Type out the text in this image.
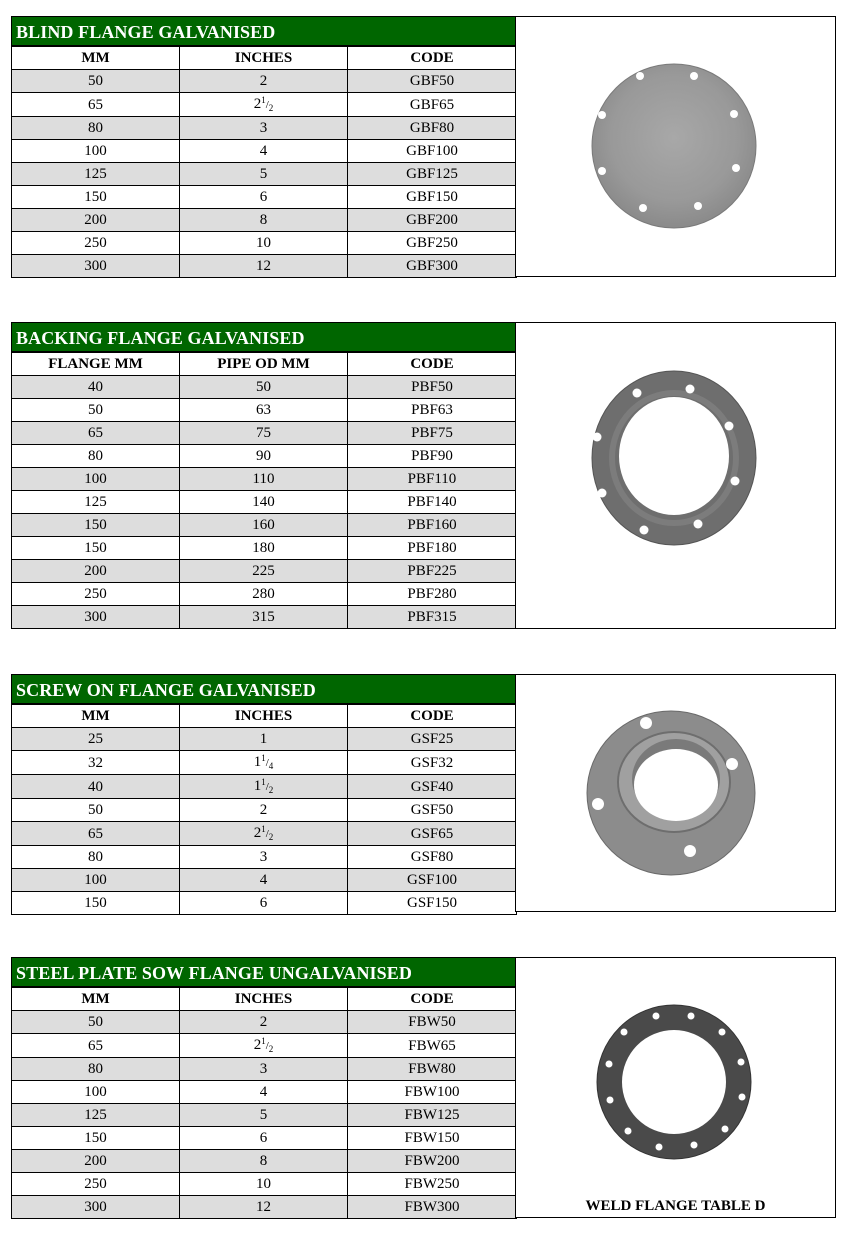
BLIND FLANGE GALVANISED
MM	INCHES	CODE
50	2	GBF50
65	$2^1/_2$	GBF65
80	3	GBF80
100	4	GBF100
125	5	GBF125
150	6	GBF150
200	8	GBF200
250	10	GBF250
300	12	GBF300
BACKING FLANGE GALVANISED
FLANGE MM	PIPE OD MM	CODE
40	50	PBF50
50	63	PBF63
65	75	PBF75
80	90	PBF90
100	110	PBF110
125	140	PBF140
150	160	PBF160
150	180	PBF180
200	225	PBF225
250	280	PBF280
300	315	PBF315
SCREW ON FLANGE GALVANISED
MM	INCHES	CODE
25	1	GSF25
32	$1^1/_4$	GSF32
40	$1^1/_2$	GSF40
50	2	GSF50
65	$2^1/_2$	GSF65
80	3	GSF80
100	4	GSF100
150	6	GSF150
STEEL PLATE SOW FLANGE UNGALVANISED
MM	INCHES	CODE
50	2	FBW50
65	$2^1/_2$	FBW65
80	3	FBW80
100	4	FBW100
125	5	FBW125
150	6	FBW150
200	8	FBW200
250	10	FBW250
300	12	FBW300	WELD FLANGE TABLE D
